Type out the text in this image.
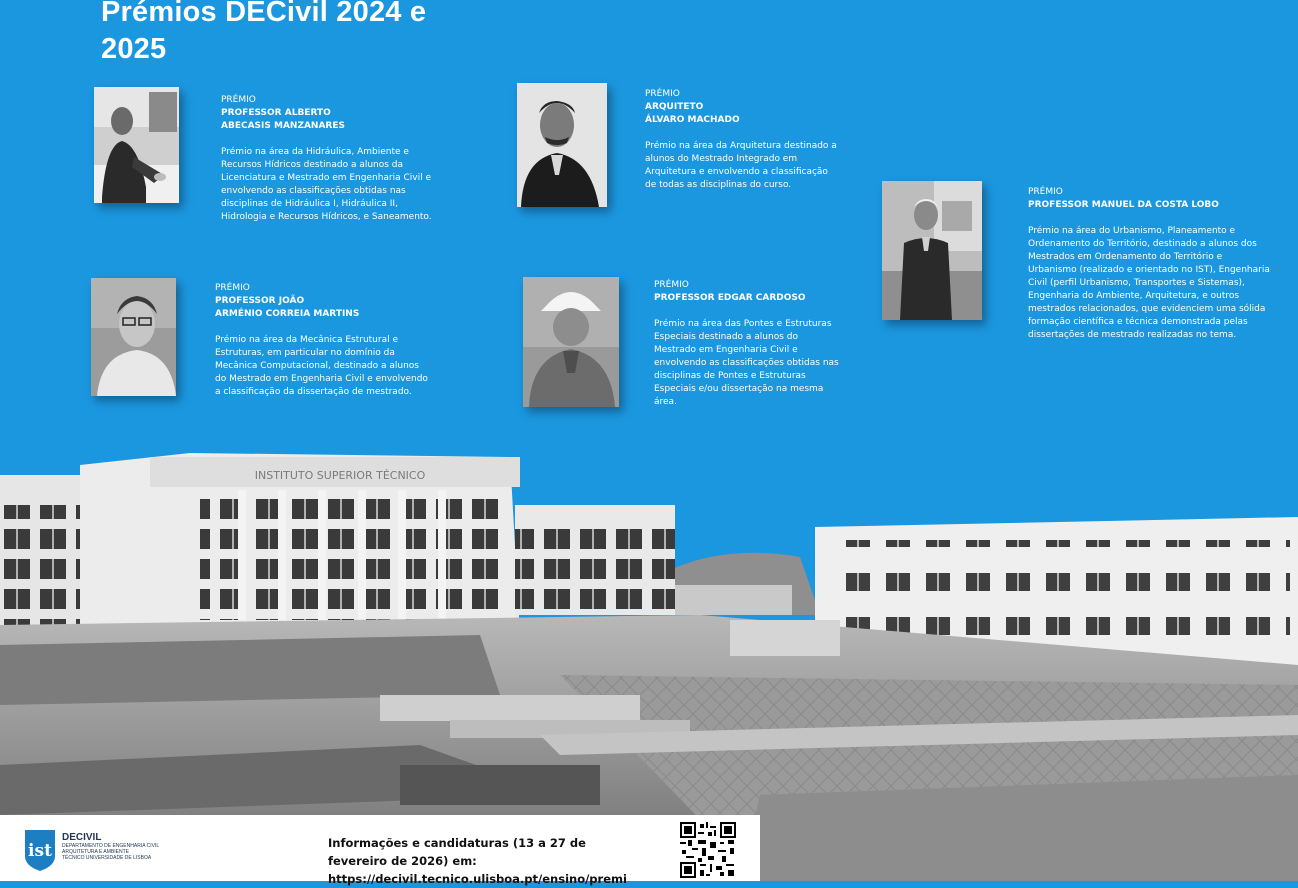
Prémios DECivil 2024 e 2025
PRÉMIO
PROFESSOR ALBERTO
ABECASIS MANZANARES
Prémio na área da Hidráulica, Ambiente e Recursos Hídricos destinado a alunos da Licenciatura e Mestrado em Engenharia Civil e envolvendo as classificações obtidas nas disciplinas de Hidráulica I, Hidráulica II, Hidrologia e Recursos Hídricos, e Saneamento.
PRÉMIO
ARQUITETO
ÁLVARO MACHADO
Prémio na área da Arquitetura destinado a alunos do Mestrado Integrado em Arquitetura e envolvendo a classificação de todas as disciplinas do curso.
PRÉMIO
PROFESSOR MANUEL DA COSTA LOBO
Prémio na área do Urbanismo, Planeamento e Ordenamento do Território, destinado a alunos dos Mestrados em Ordenamento do Território e Urbanismo (realizado e orientado no IST), Engenharia Civil (perfil Urbanismo, Transportes e Sistemas), Engenharia do Ambiente, Arquitetura, e outros mestrados relacionados, que evidenciem uma sólida formação científica e técnica demonstrada pelas dissertações de mestrado realizadas no tema.
PRÉMIO
PROFESSOR JOÃO
ARMÉNIO CORREIA MARTINS
Prémio na área da Mecânica Estrutural e Estruturas, em particular no domínio da Mecânica Computacional, destinado a alunos do Mestrado em Engenharia Civil e envolvendo a classificação da dissertação de mestrado.
PRÉMIO
PROFESSOR EDGAR CARDOSO
Prémio na área das Pontes e Estruturas Especiais destinado a alunos do Mestrado em Engenharia Civil e envolvendo as classificações obtidas nas disciplinas de Pontes e Estruturas Especiais e/ou dissertação na mesma área.
INSTITUTO SUPERIOR TÉCNICO
ist
DECIVIL
DEPARTAMENTO DE ENGENHARIA CIVIL
ARQUITETURA E AMBIENTE
TÉCNICO UNIVERSIDADE DE LISBOA
Informações e candidaturas (13 a 27 de
fevereiro de 2026) em:
https://decivil.tecnico.ulisboa.pt/ensino/premi
